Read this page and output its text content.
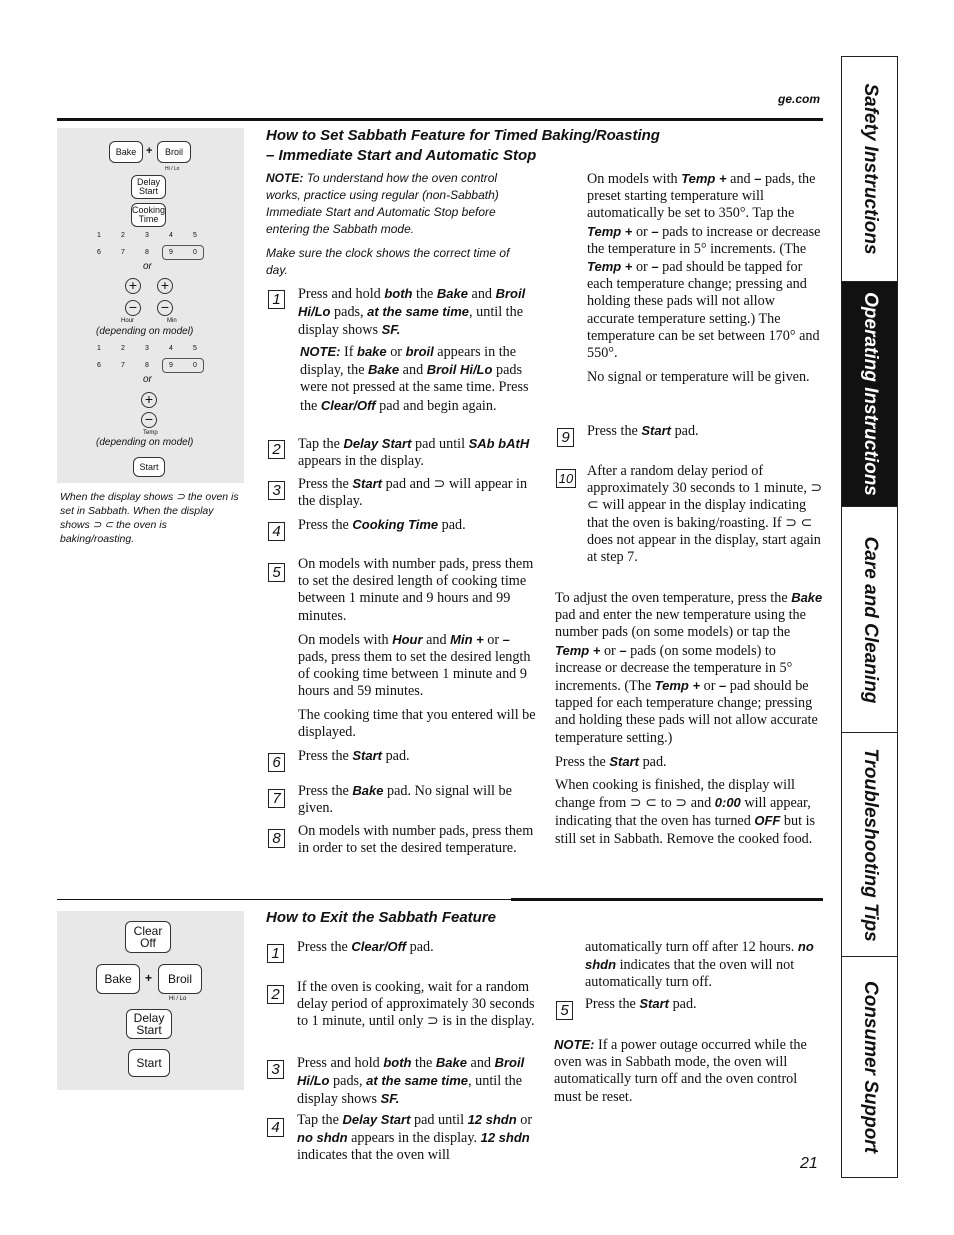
ge.com Safety Instructions
Operating Instructions
Care and Cleaning
Troubleshooting Tips
Consumer Support
Bake +	Broil
Hi / Lo
Delay Start
Cooking Time
1	2	3	4	5
6	7	8	9	0
or
+ +
− −
Hour	Min
(depending on model)
1	2	3	4	5
6	7	8	9	0
or
+
−
Temp
(depending on model)
Start
When the display shows ⊃ the oven is set in Sabbath. When the display shows ⊃ ⊂ the oven is baking/roasting.
How to Set Sabbath Feature for Timed Baking/Roasting
– Immediate Start and Automatic Stop
NOTE: To understand how the oven control works, practice using regular (non-Sabbath) Immediate Start and Automatic Stop before entering the Sabbath mode.
Make sure the clock shows the correct time of day.
1	Press and hold both the Bake and Broil Hi/Lo pads, at the same time, until the display shows SF.
NOTE: If bake or broil appears in the display, the Bake and Broil Hi/Lo pads were not pressed at the same time. Press the Clear/Off pad and begin again.
2	Tap the Delay Start pad until SAb bAtH appears in the display.
3	Press the Start pad and ⊃ will appear in the display.
4	Press the Cooking Time pad.
5	On models with number pads, press them to set the desired length of cooking time between 1 minute and 9 hours and 99 minutes.

On models with Hour and Min + or – pads, press them to set the desired length of cooking time between 1 minute and 9 hours and 59 minutes.

The cooking time that you entered will be displayed.

6	Press the Start pad.
7	Press the Bake pad. No signal will be given.
8	On models with number pads, press them in order to set the desired temperature.

On models with Temp + and – pads, the preset starting temperature will automatically be set to 350°. Tap the Temp + or – pads to increase or decrease the temperature in 5° increments. (The Temp + or – pad should be tapped for each temperature change; pressing and holding these pads will not allow accurate temperature setting.) The temperature can be set between 170° and 550°.

No signal or temperature will be given.

9	Press the Start pad.
10 After a random delay period of approximately 30 seconds to 1 minute, ⊃ ⊂ will appear in the display indicating that the oven is baking/roasting. If ⊃ ⊂ does not appear in the display, start again at step 7.

To adjust the oven temperature, press the Bake pad and enter the new temperature using the number pads (on some models) or tap the Temp + or – pads (on some models) to increase or decrease the temperature in 5° increments. (The Temp + or – pad should be tapped for each temperature change; pressing and holding these pads will not allow accurate temperature setting.)

Press the Start pad.

When cooking is finished, the display will change from ⊃ ⊂ to ⊃ and 0:00 will appear, indicating that the oven has turned OFF but is still set in Sabbath. Remove the cooked food.

Clear Off
Bake	+	Broil
Hi / Lo
Delay Start
Start
How to Exit the Sabbath Feature
1	Press the Clear/Off pad.
2	If the oven is cooking, wait for a random delay period of approximately 30 seconds to 1 minute, until only ⊃ is in the display.
3	Press and hold both the Bake and Broil Hi/Lo pads, at the same time, until the display shows SF.
4	Tap the Delay Start pad until 12 shdn or no shdn appears in the display. 12 shdn indicates that the oven will
automatically turn off after 12 hours. no shdn indicates that the oven will not automatically turn off.
5	Press the Start pad.
NOTE: If a power outage occurred while the oven was in Sabbath mode, the oven will automatically turn off and the oven control must be reset.
21
